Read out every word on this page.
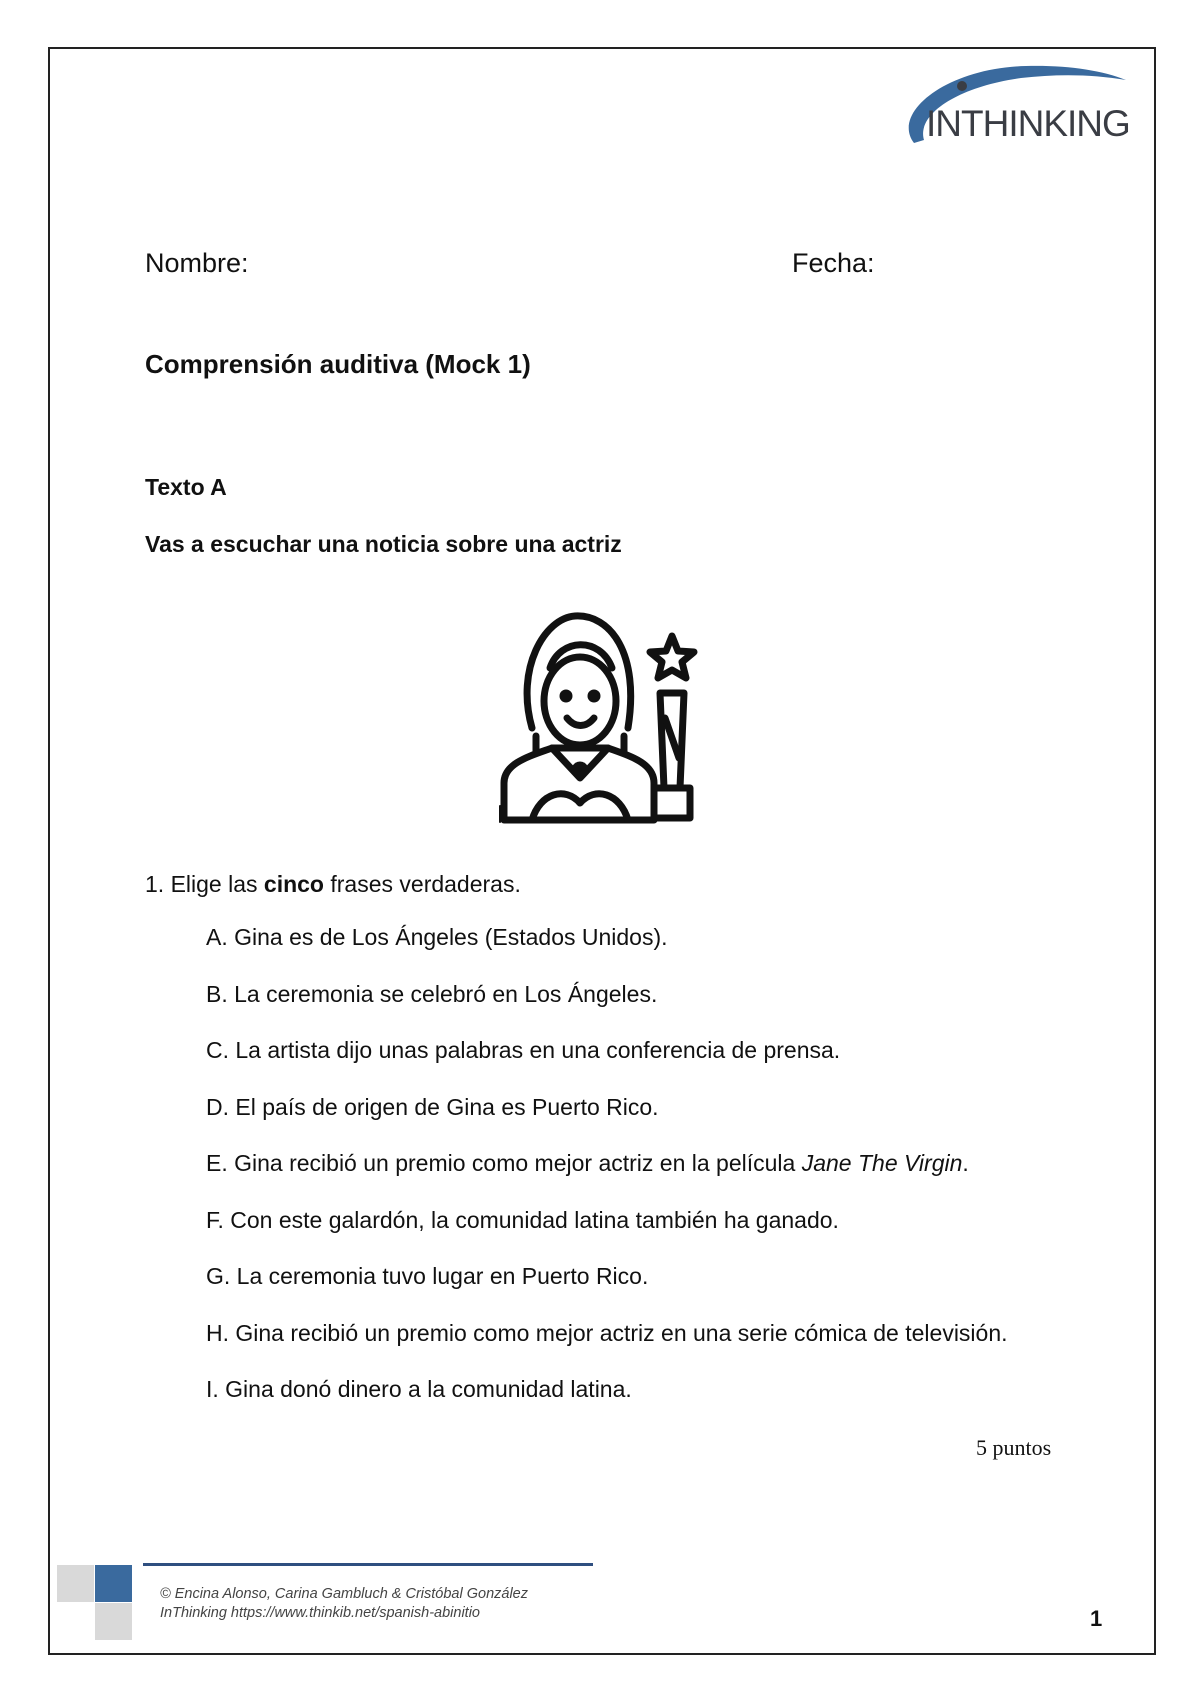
INTHINKING
Nombre:	Fecha:
Comprensión auditiva (Mock 1)
Texto A
Vas a escuchar una noticia sobre una actriz
1. Elige las cinco frases verdaderas.
A. Gina es de Los Ángeles (Estados Unidos).
B. La ceremonia se celebró en Los Ángeles.
C. La artista dijo unas palabras en una conferencia de prensa.
D. El país de origen de Gina es Puerto Rico.
E. Gina recibió un premio como mejor actriz en la película Jane The Virgin.
F. Con este galardón, la comunidad latina también ha ganado.
G. La ceremonia tuvo lugar en Puerto Rico.
H. Gina recibió un premio como mejor actriz en una serie cómica de televisión.
I. Gina donó dinero a la comunidad latina.
5 puntos
© Encina Alonso, Carina Gambluch & Cristóbal González
InThinking https://www.thinkib.net/spanish-abinitio	1
